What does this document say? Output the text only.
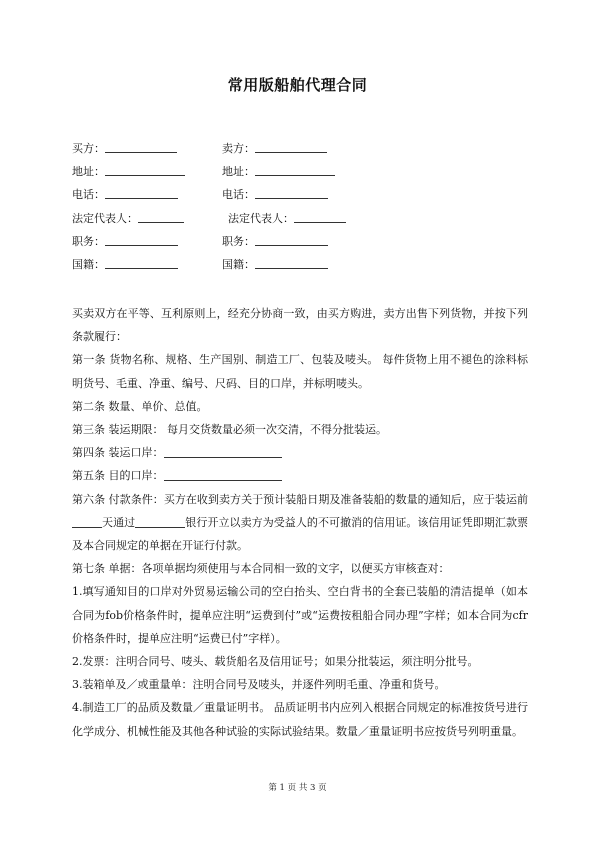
常用版船舶代理合同
买方：	卖方：
地址：	地址：
电话：	电话：
法定代表人：	法定代表人：
职务：	职务：
国籍：	国籍：

买卖双方在平等、互利原则上，经充分协商一致，由买方购进，卖方出售下列货物，并按下列条款履行：

第一条 货物名称、规格、生产国别、制造工厂、包装及唛头。 每件货物上用不褪色的涂料标明货号、毛重、净重、编号、尺码、目的口岸，并标明唛头。

第二条 数量、单价、总值。

第三条 装运期限： 每月交货数量必须一次交清，不得分批装运。

第四条 装运口岸：

第五条 目的口岸：

第六条 付款条件：买方在收到卖方关于预计装船日期及准备装船的数量的通知后，应于装运前天通过	银行开立以卖方为受益人的不可撤消的信用证。该信用证凭即期汇款票及本合同规定的单据在开证行付款。

第七条 单据：各项单据均须使用与本合同相一致的文字，以便买方审核查对：

1.填写通知目的口岸对外贸易运输公司的空白抬头、空白背书的全套已装船的清洁提单（如本合同为fob价格条件时，提单应注明“运费到付”或“运费按租船合同办理”字样；如本合同为cfr价格条件时，提单应注明“运费已付”字样）。

2.发票：注明合同号、唛头、载货船名及信用证号；如果分批装运，须注明分批号。

3.装箱单及／或重量单：注明合同号及唛头，并逐件列明毛重、净重和货号。

4.制造工厂的品质及数量／重量证明书。 品质证明书内应列入根据合同规定的标准按货号进行化学成分、机械性能及其他各种试验的实际试验结果。数量／重量证明书应按货号列明重量。

第 1 页 共 3 页
